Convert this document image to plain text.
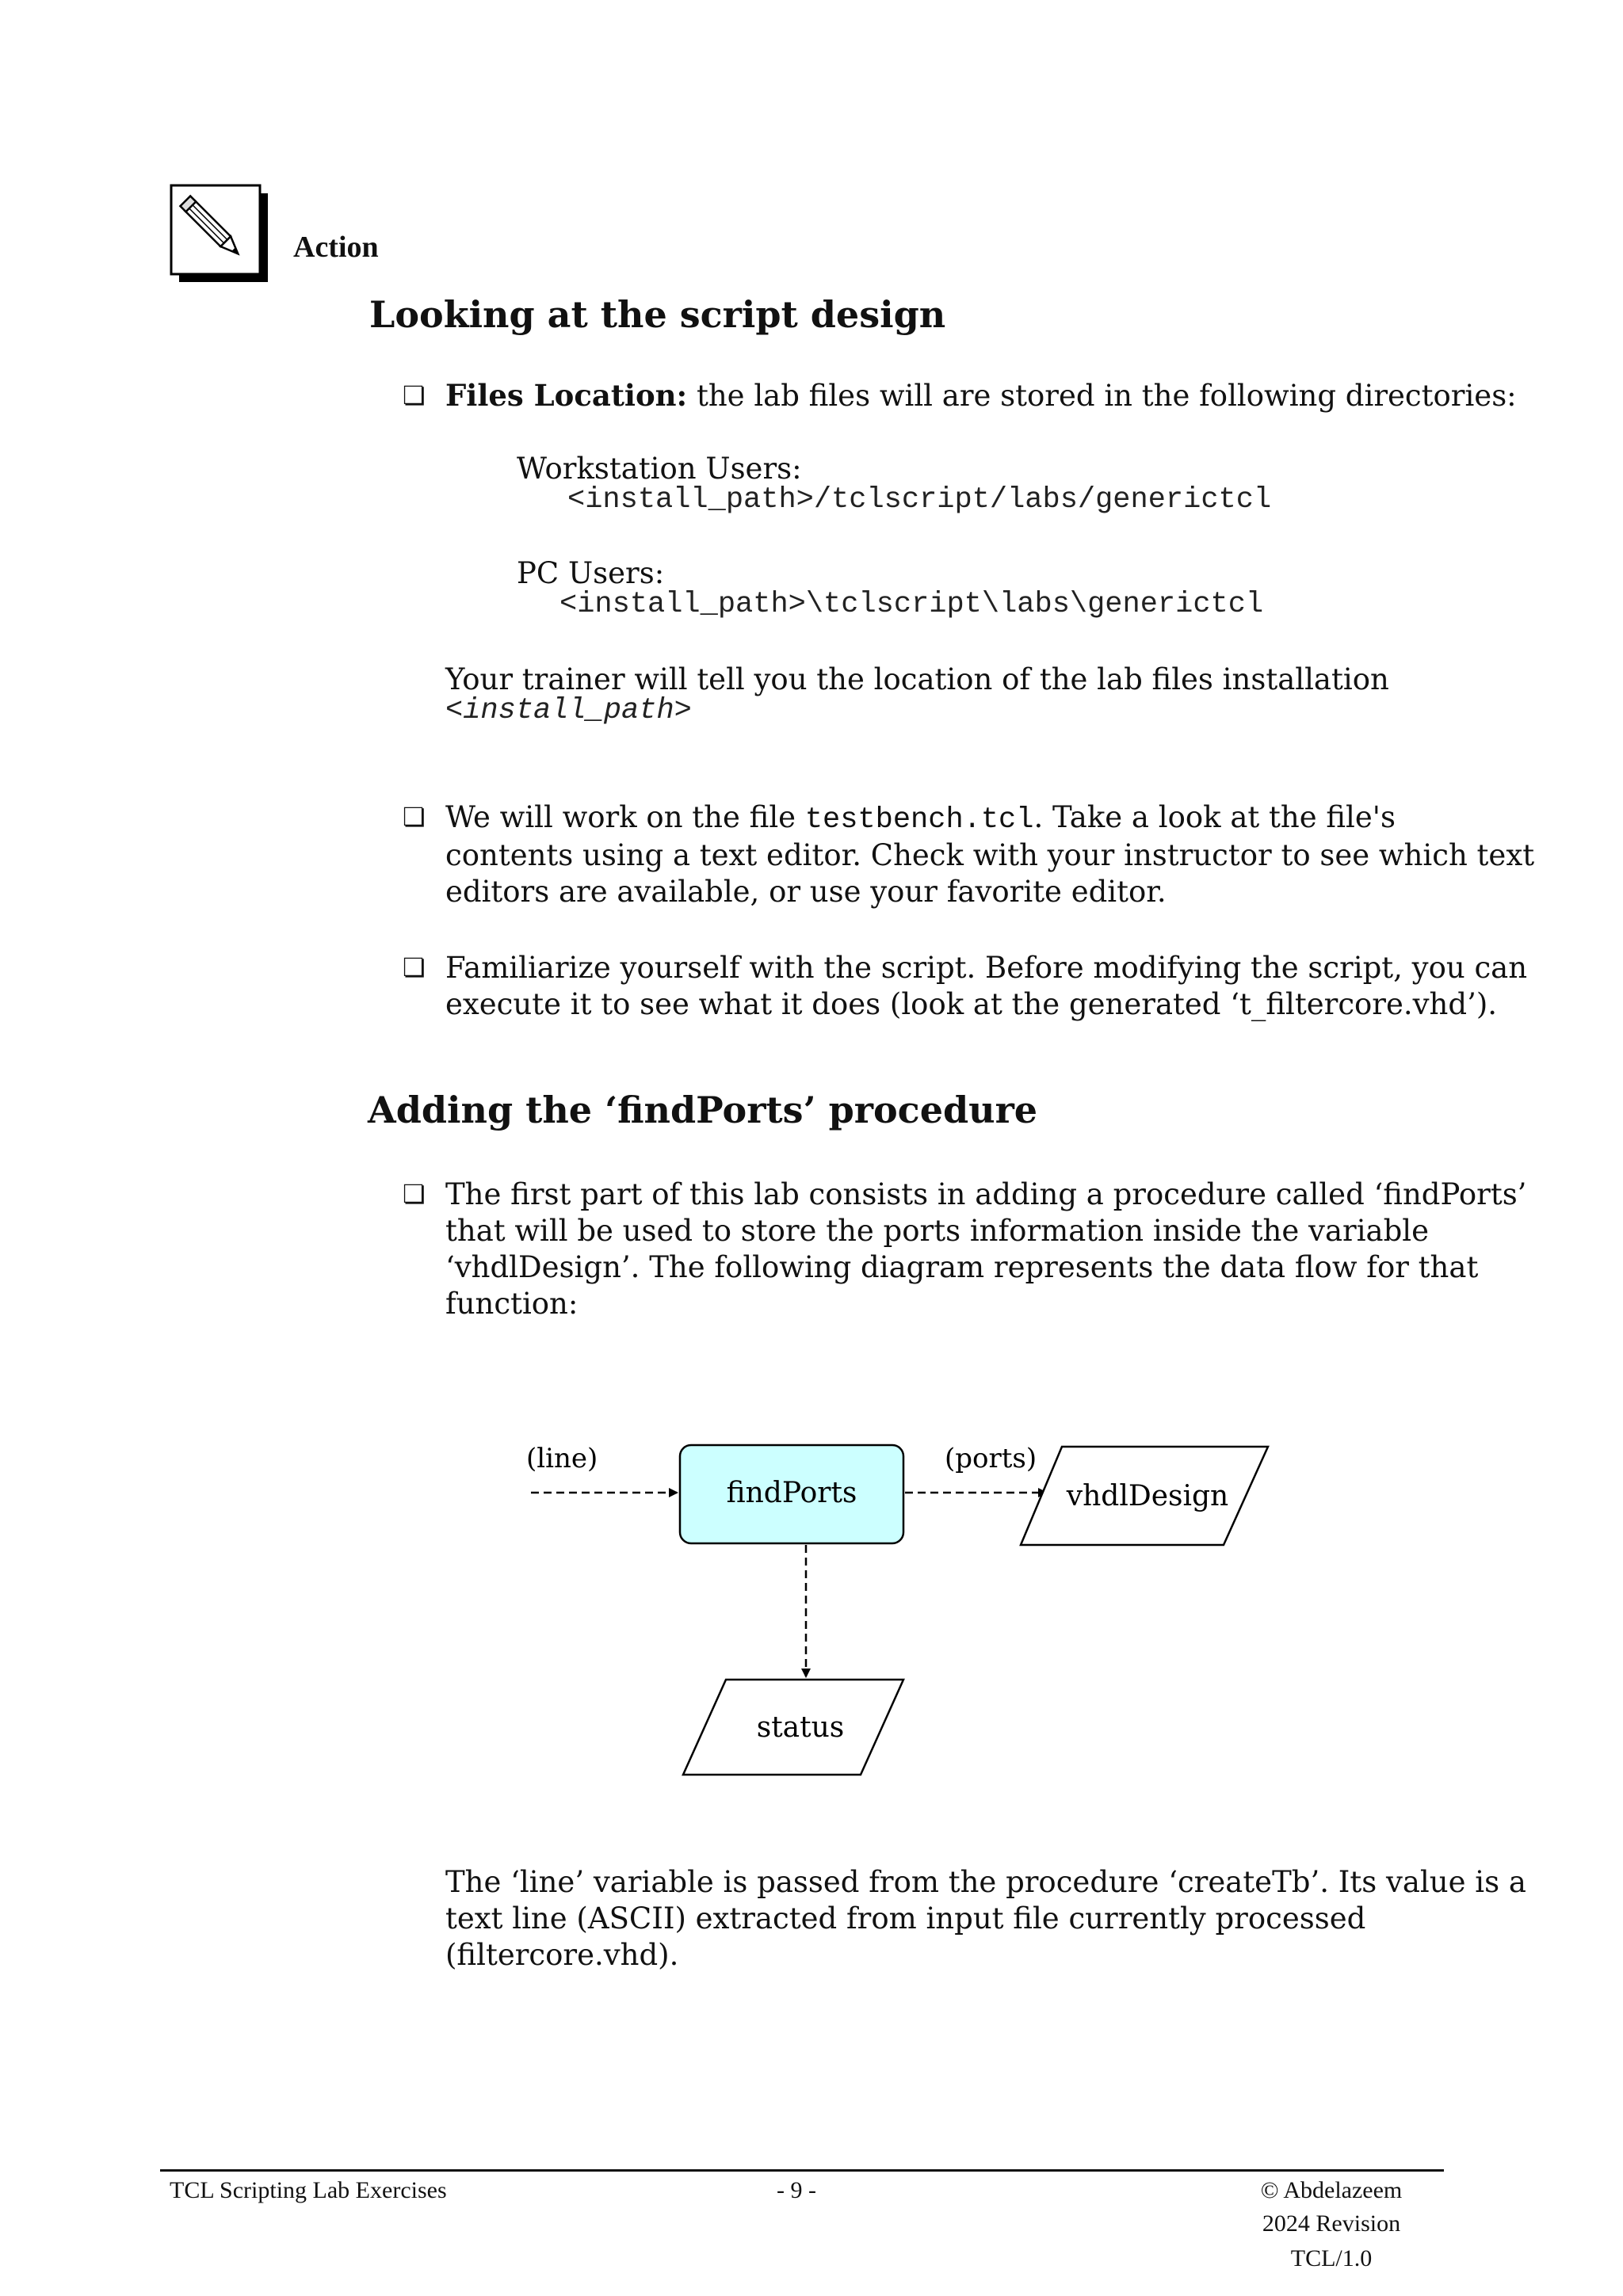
Action
Looking at the script design
❏ Files Location: the lab files will are stored in the following directories:
Workstation Users:
<install_path>/tclscript/labs/generictcl
PC Users:
<install_path>\tclscript\labs\generictcl
Your trainer will tell you the location of the lab files installation
<install_path>
❏ We will work on the file testbench.tcl. Take a look at the file's
contents using a text editor. Check with your instructor to see which text
editors are available, or use your favorite editor.
❏ Familiarize yourself with the script. Before modifying the script, you can
execute it to see what it does (look at the generated ‘t_filtercore.vhd’).
Adding the ‘findPorts’ procedure
❏ The first part of this lab consists in adding a procedure called ‘findPorts’
that will be used to store the ports information inside the variable
‘vhdlDesign’. The following diagram represents the data flow for that
function:
(line)
findPorts
(ports)
vhdlDesign
status
The ‘line’ variable is passed from the procedure ‘createTb’. Its value is a
text line (ASCII) extracted from input file currently processed
(filtercore.vhd).
TCL Scripting Lab Exercises	- 9 -	© Abdelazeem
2024 Revision
TCL/1.0
